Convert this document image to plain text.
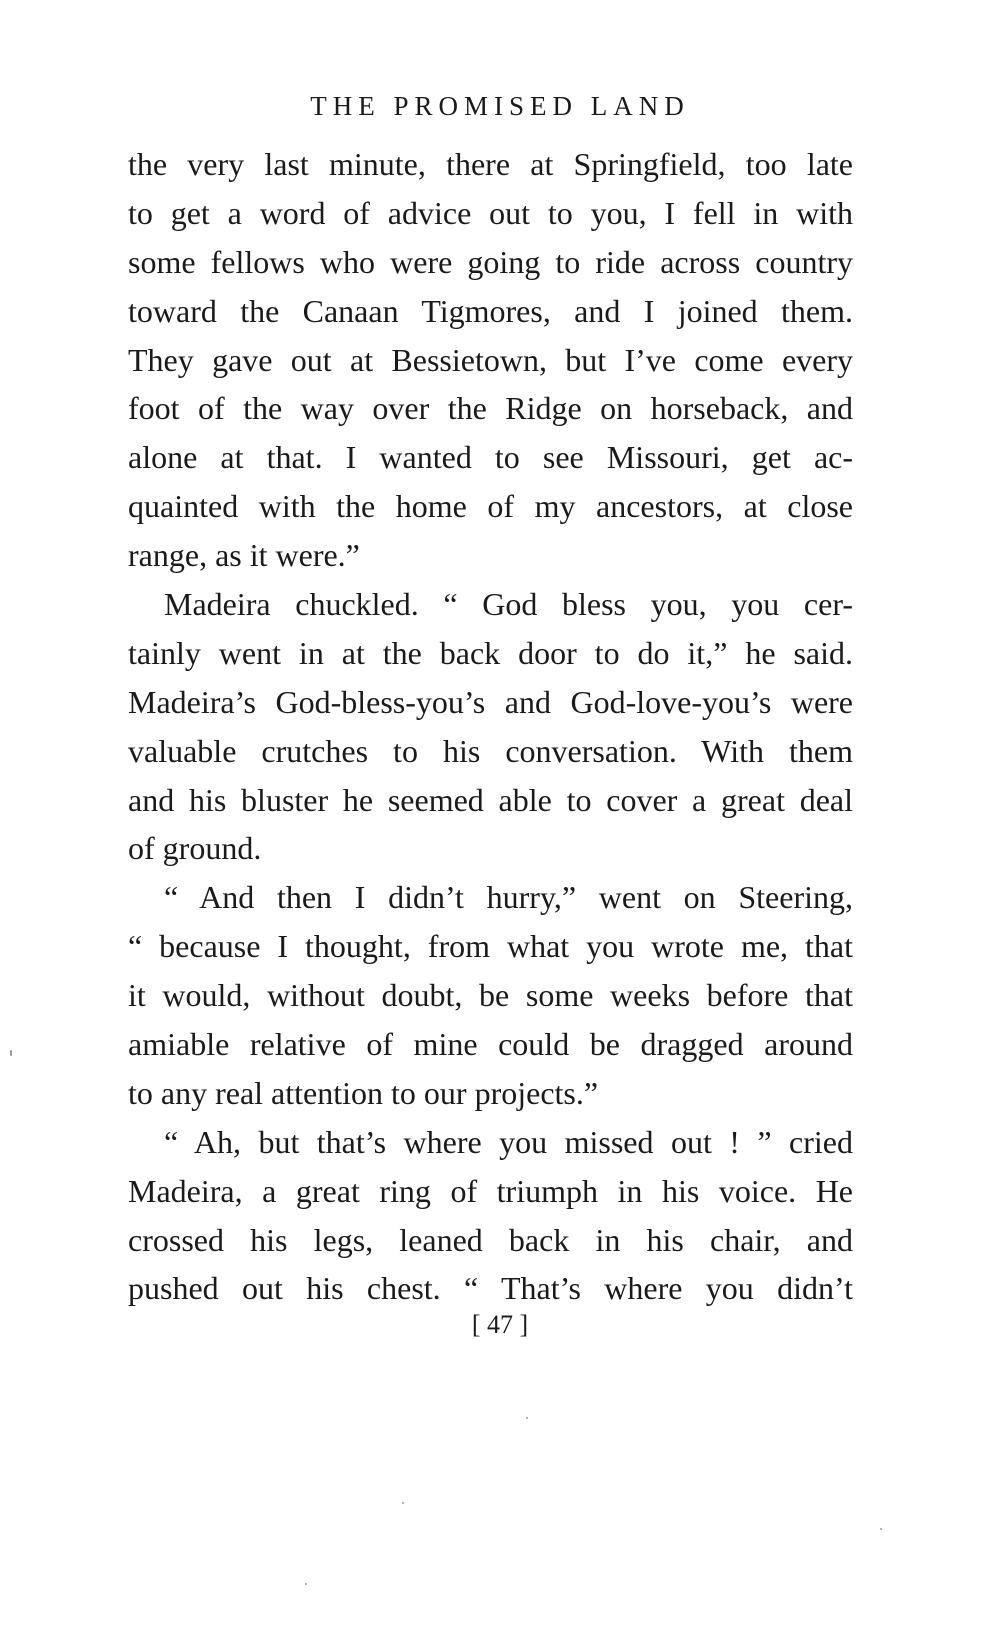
THE PROMISED LAND

the very last minute, there at Springfield, too late
to get a word of advice out to you, I fell in with
some fellows who were going to ride across country
toward the Canaan Tigmores, and I joined them.
They gave out at Bessietown, but I’ve come every
foot of the way over the Ridge on horseback, and
alone at that. I wanted to see Missouri, get ac-
quainted with the home of my ancestors, at close
range, as it were.”

Madeira chuckled. “ God bless you, you cer-
tainly went in at the back door to do it,” he said.
Madeira’s God-bless-you’s and God-love-you’s were
valuable crutches to his conversation. With them
and his bluster he seemed able to cover a great deal
of ground.

“ And then I didn’t hurry,” went on Steering,
“ because I thought, from what you wrote me, that
it would, without doubt, be some weeks before that
amiable relative of mine could be dragged around
to any real attention to our projects.”

“ Ah, but that’s where you missed out ! ” cried
Madeira, a great ring of triumph in his voice. He
crossed his legs, leaned back in his chair, and
pushed out his chest. “ That’s where you didn’t

[ 47 ]
